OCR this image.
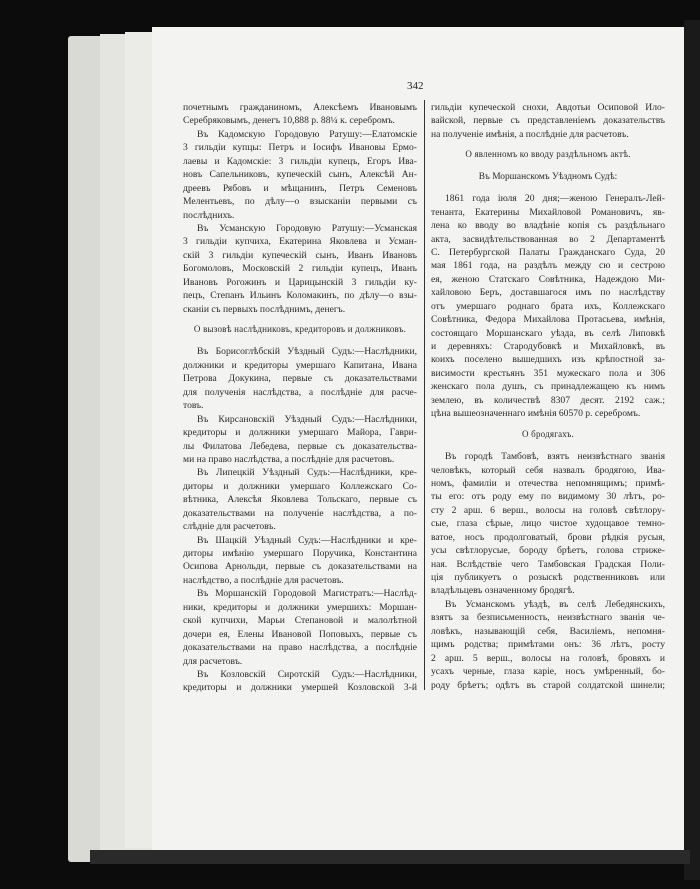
342
почетнымъ гражданиномъ, Алексѣемъ Ивановымъ
Серебряковымъ, денегъ 10,888 р. 88¼ к. серебромъ.
Въ Кадомскую Городовую Ратушу:—Елатомскіе
3 гильдіи купцы: Петръ и Іосифъ Ивановы Ермо-
лаевы и Кадомскіе: 3 гильдіи купецъ, Егоръ Ива-
новъ Сапельниковъ, купеческій сынъ, Алексѣй Ан-
дреевъ Рябовъ и мѣщанинъ, Петръ Семеновъ
Мелентьевъ, по дѣлу—о взысканіи первыми съ
послѣднихъ.
Въ Усманскую Городовую Ратушу:—Усманская
3 гильдіи купчиха, Екатерина Яковлева и Усман-
скій 3 гильдіи купеческій сынъ, Иванъ Ивановъ
Богомоловъ, Московскій 2 гильдіи купецъ, Иванъ
Ивановъ Рогожинъ и Царицынскій 3 гильдіи ку-
пецъ, Степанъ Ильинъ Коломакинъ, по дѣлу—о взы-
сканіи съ первыхъ послѣднимъ, денегъ.
О вызовѣ наслѣдниковъ, кредиторовъ и должниковъ.
Въ Борисоглѣбскій Уѣздный Судъ:—Наслѣдники,
должники и кредиторы умершаго Капитана, Ивана
Петрова Докукина, первые съ доказательствами
для полученія наслѣдства, а послѣдніе для расче-
товъ.
Въ Кирсановскій Уѣздный Судъ:—Наслѣдники,
кредиторы и должники умершаго Майора, Гаври-
лы Филатова Лебедева, первые съ доказательства-
ми на право наслѣдства, а послѣдніе для расчетовъ.
Въ Липецкій Уѣздный Судъ:—Наслѣдники, кре-
диторы и должники умершаго Коллежскаго Со-
вѣтника, Алексѣя Яковлева Тольскаго, первые съ
доказательствами на полученіе наслѣдства, а по-
слѣдніе для расчетовъ.
Въ Шацкій Уѣздный Судъ:—Наслѣдники и кре-
диторы имѣнію умершаго Поручика, Константина
Осипова Арнольди, первые съ доказательствами на
наслѣдство, а послѣдніе для расчетовъ.
Въ Моршанскій Городовой Магистратъ:—Наслѣд-
ники, кредиторы и должники умершихъ: Моршан-
ской купчихи, Марьи Степановой и малолѣтной
дочери ея, Елены Ивановой Поповыхъ, первые съ
доказательствами на право наслѣдства, а послѣдніе
для расчетовъ.
Въ Козловскій Сиротскій Судъ:—Наслѣдники,
кредиторы и должники умершей Козловской 3-й
гильдіи купеческой снохи, Авдотьи Осиповой Ило-
вайской, первые съ представленіемъ доказательствъ
на полученіе имѣнія, а послѣдніе для расчетовъ.
О явленномъ ко вводу раздѣльномъ актѣ.
Въ Моршанскомъ Уѣздномъ Судѣ:
1861 года іюля 20 дня;—женою Генералъ-Лей-
тенанта, Екатерины Михайловой Романовичъ, яв-
лена ко вводу во владѣніе копія съ раздѣльнаго
акта, засвидѣтельствованная во 2 Департаментѣ
С. Петербургской Палаты Гражданскаго Суда, 20
мая 1861 года, на раздѣлъ между сю и сестрою
ея, женою Статскаго Совѣтника, Надеждою Ми-
хайловою Беръ, доставшагося имъ по наслѣдству
отъ умершаго роднаго брата ихъ, Коллежскаго
Совѣтника, Федора Михайлова Протасьева, имѣнія,
состоящаго Моршанскаго уѣзда, въ селѣ Липовкѣ
и деревняхъ: Стародубовкѣ и Михайловкѣ, въ
коихъ поселено вышедшихъ изъ крѣпостной за-
висимости крестьянъ 351 мужескаго пола и 306
женскаго пола душъ, съ принадлежащею къ нимъ
землею, въ количествѣ 8307 десят. 2192 саж.;
цѣна вышеозначеннаго имѣнія 60570 р. серебромъ.
О бродягахъ.
Въ городѣ Тамбовѣ, взятъ неизвѣстнаго званія
человѣкъ, который себя назвалъ бродягою, Ива-
номъ, фамиліи и отечества непомнящимъ; примѣ-
ты его: отъ роду ему по видимому 30 лѣтъ, ро-
сту 2 арш. 6 верш., волосы на головѣ свѣтлору-
сые, глаза сѣрые, лицо чистое худощавое темно-
ватое, носъ продолговатый, брови рѣдкія русыя,
усы свѣтлорусые, бороду брѣетъ, голова стриже-
ная. Вслѣдствіе чего Тамбовская Градская Поли-
ція публикуетъ о розыскѣ родственниковъ или
владѣльцевъ означенному бродягѣ.
Въ Усманскомъ уѣздѣ, въ селѣ Лебедянскихъ,
взятъ за безписьменность, неизвѣстнаго званія че-
ловѣкъ, называющій себя, Василіемъ, непомня-
щимъ родства; примѣтами онъ: 36 лѣтъ, росту
2 арш. 5 верш., волосы на головѣ, бровяхъ и
усахъ черные, глаза каріе, носъ умѣренный, бо-
роду брѣетъ; одѣтъ въ старой солдатской шинели;
